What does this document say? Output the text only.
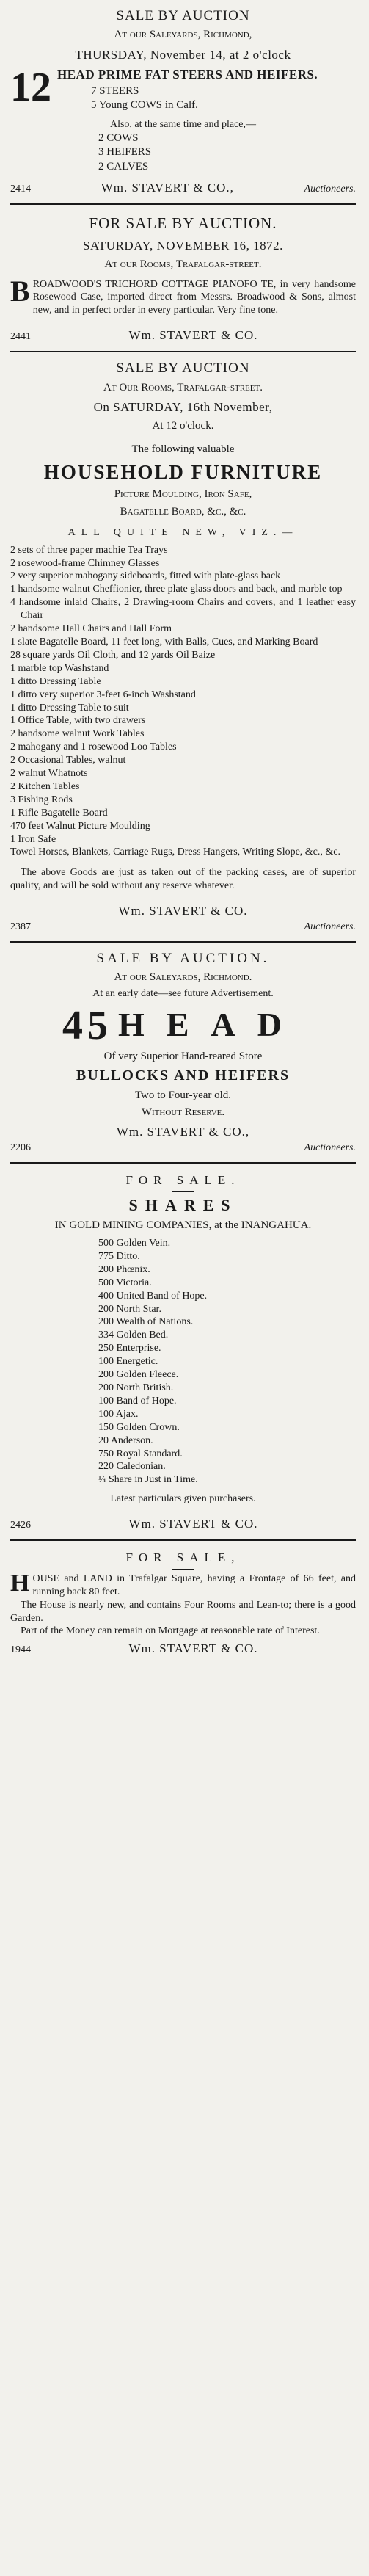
SALE BY AUCTION
At our Saleyards, Richmond,
THURSDAY, November 14, at 2 o'clock
12 HEAD PRIME FAT STEERS AND HEIFERS.
7 STEERS
5 Young COWS in Calf.
Also, at the same time and place,—
2 COWS
3 HEIFERS
2 CALVES
2414	Wm. STAVERT & CO.,	Auctioneers.
FOR SALE BY AUCTION.
SATURDAY, NOVEMBER 16, 1872.
At our Rooms, Trafalgar-street.
BROADWOOD'S TRICHORD COTTAGE PIANOFO TE, in very handsome Rosewood Case, imported direct from Messrs. Broadwood & Sons, almost new, and in perfect order in every particular. Very fine tone.
2441	Wm. STAVERT & CO.
SALE BY AUCTION
At Our Rooms, Trafalgar-street.
On SATURDAY, 16th November,
At 12 o'clock.
The following valuable
HOUSEHOLD FURNITURE
Picture Moulding, Iron Safe,
Bagatelle Board, &c., &c.
ALL QUITE NEW, VIZ.—
2 sets of three paper machie Tea Trays
2 rosewood-frame Chimney Glasses
2 very superior mahogany sideboards, fitted with plate-glass back
1 handsome walnut Cheffionier, three plate glass doors and back, and marble top
4 handsome inlaid Chairs, 2 Drawing-room Chairs and covers, and 1 leather easy Chair
2 handsome Hall Chairs and Hall Form
1 slate Bagatelle Board, 11 feet long, with Balls, Cues, and Marking Board
28 square yards Oil Cloth, and 12 yards Oil Baize
1 marble top Washstand
1 ditto Dressing Table
1 ditto very superior 3-feet 6-inch Washstand
1 ditto Dressing Table to suit
1 Office Table, with two drawers
2 handsome walnut Work Tables
2 mahogany and 1 rosewood Loo Tables
2 Occasional Tables, walnut
2 walnut Whatnots
2 Kitchen Tables
3 Fishing Rods
1 Rifle Bagatelle Board
470 feet Walnut Picture Moulding
1 Iron Safe
Towel Horses, Blankets, Carriage Rugs, Dress Hangers, Writing Slope, &c., &c.
The above Goods are just as taken out of the packing cases, are of superior quality, and will be sold without any reserve whatever.
Wm. STAVERT & CO.
2387	Auctioneers.
SALE BY AUCTION.
At our Saleyards, Richmond.
At an early date—see future Advertisement.
45 HEAD
Of very Superior Hand-reared Store
BULLOCKS AND HEIFERS
Two to Four-year old.
Without Reserve.
Wm. STAVERT & CO.,
2206	Auctioneers.
FOR SALE.
SHARES
IN GOLD MINING COMPANIES, at the INANGAHUA.
500 Golden Vein.
775 Ditto.
200 Phœnix.
500 Victoria.
400 United Band of Hope.
200 North Star.
200 Wealth of Nations.
334 Golden Bed.
250 Enterprise.
100 Energetic.
200 Golden Fleece.
200 North British.
100 Band of Hope.
100 Ajax.
150 Golden Crown.
20 Anderson.
750 Royal Standard.
220 Caledonian.
¼ Share in Just in Time.
Latest particulars given purchasers.
2426	Wm. STAVERT & CO.
FOR SALE,
HOUSE and LAND in Trafalgar Square, having a Frontage of 66 feet, and running back 80 feet.
The House is nearly new, and contains Four Rooms and Lean-to; there is a good Garden.
Part of the Money can remain on Mortgage at reasonable rate of Interest.
1944	Wm. STAVERT & CO.
